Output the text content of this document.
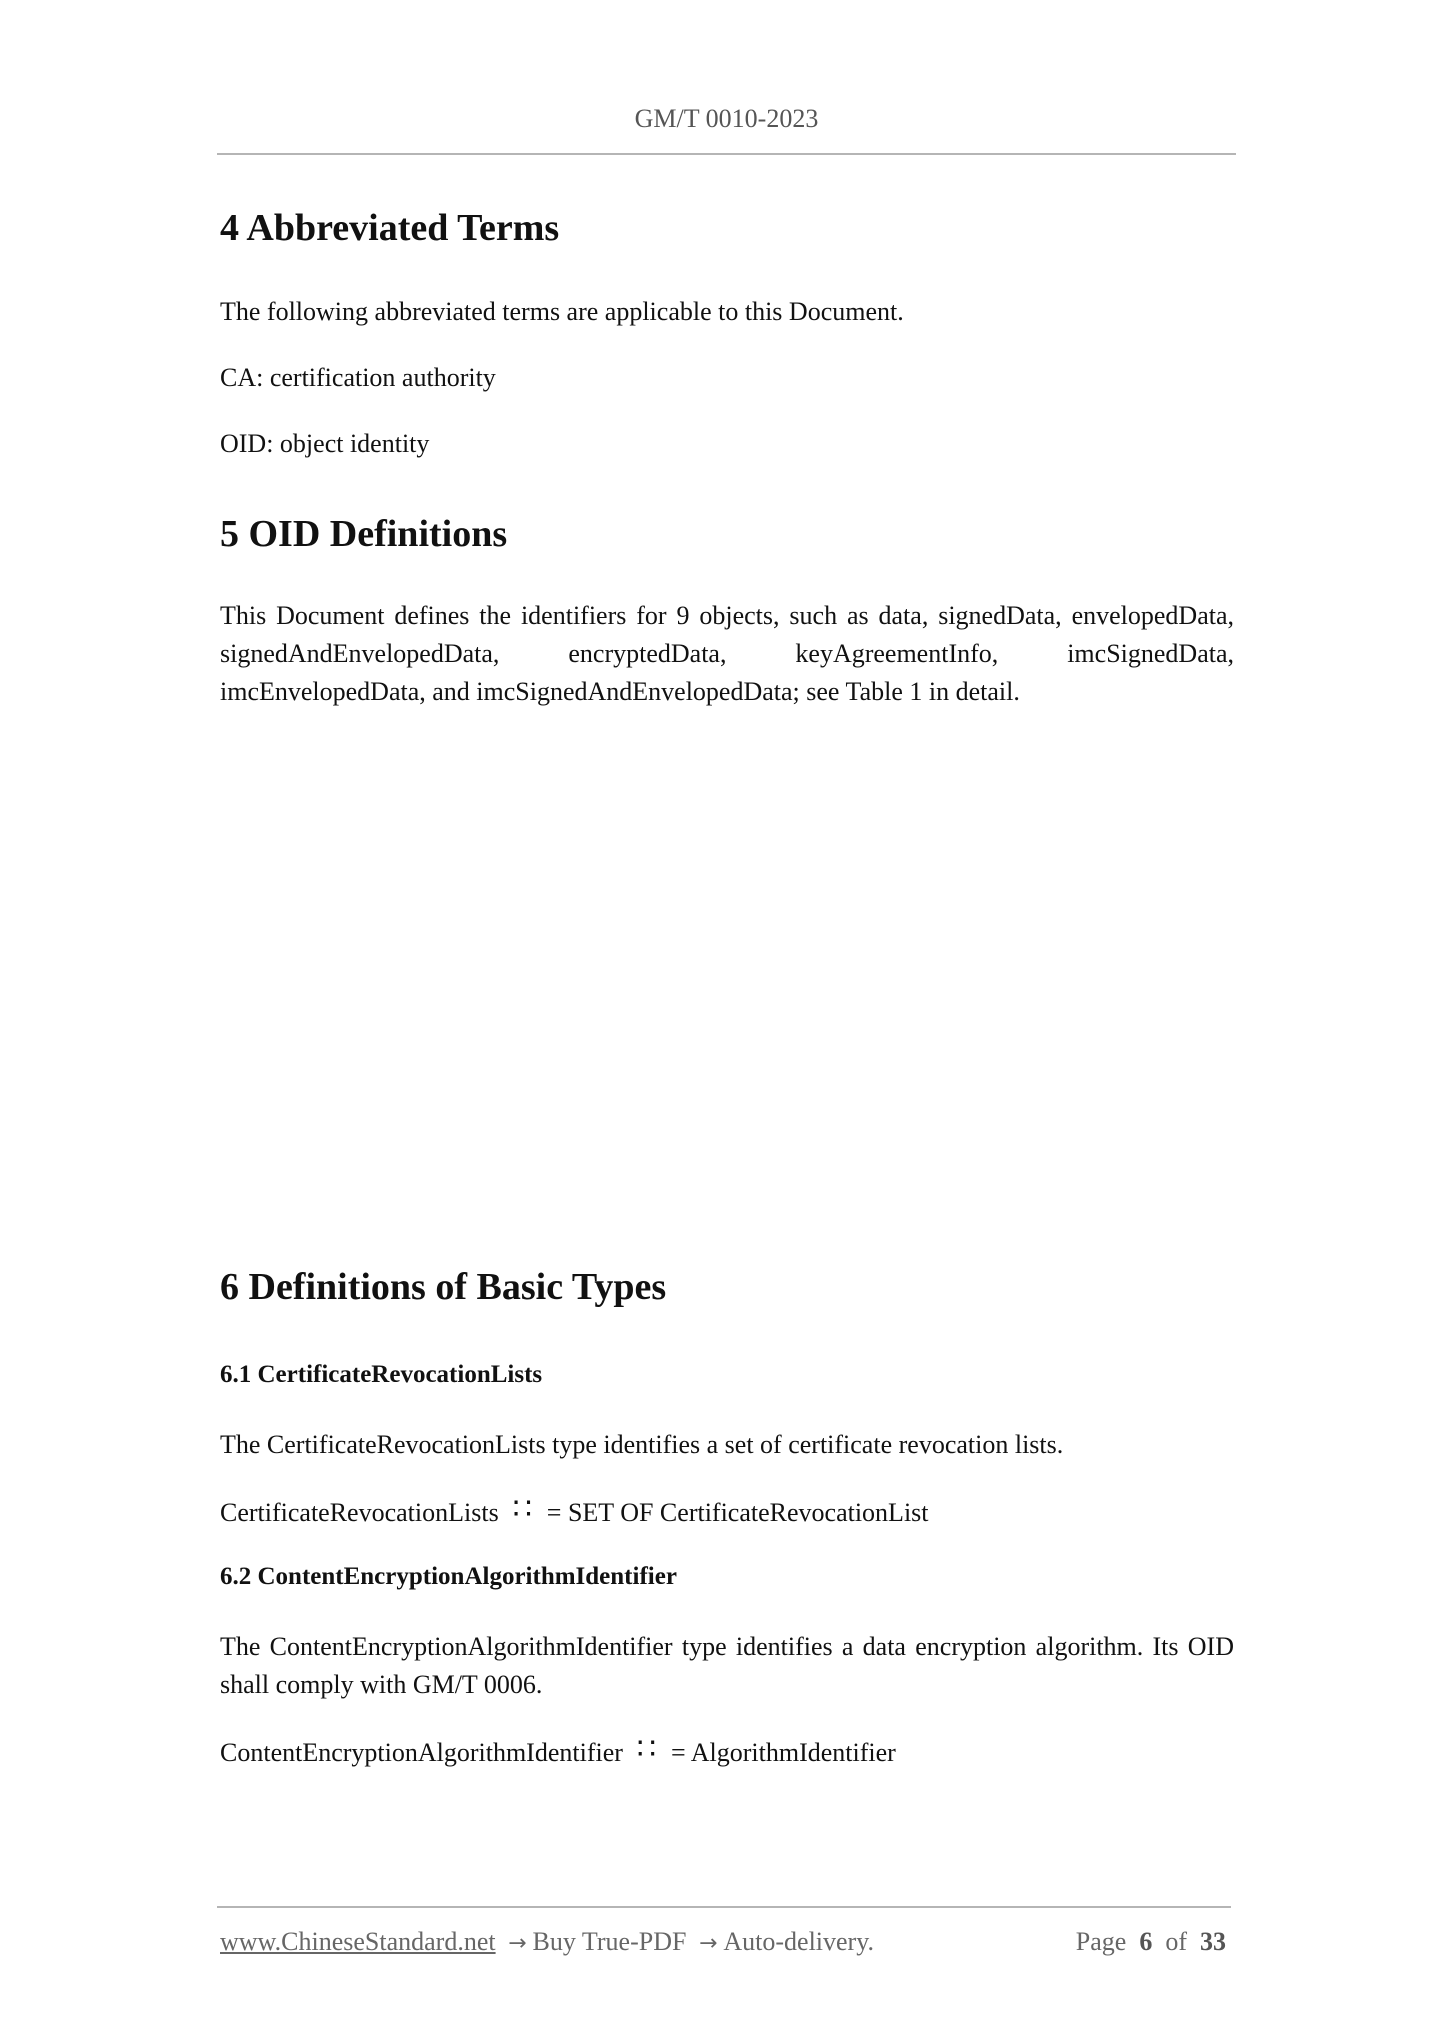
GM/T 0010-2023
4 Abbreviated Terms
The following abbreviated terms are applicable to this Document.
CA: certification authority
OID: object identity
5 OID Definitions
This Document defines the identifiers for 9 objects, such as data, signedData, envelopedData,
signedAndEnvelopedData, encryptedData, keyAgreementInfo, imcSignedData,
imcEnvelopedData, and imcSignedAndEnvelopedData; see Table 1 in detail.
6 Definitions of Basic Types
6.1 CertificateRevocationLists
The CertificateRevocationLists type identifies a set of certificate revocation lists.
CertificateRevocationLists ∷ = SET OF CertificateRevocationList
6.2 ContentEncryptionAlgorithmIdentifier
The ContentEncryptionAlgorithmIdentifier type identifies a data encryption algorithm. Its OID
shall comply with GM/T 0006.
ContentEncryptionAlgorithmIdentifier ∷ = AlgorithmIdentifier
www.ChineseStandard.net → Buy True-PDF → Auto-delivery.	Page 6 of 33
